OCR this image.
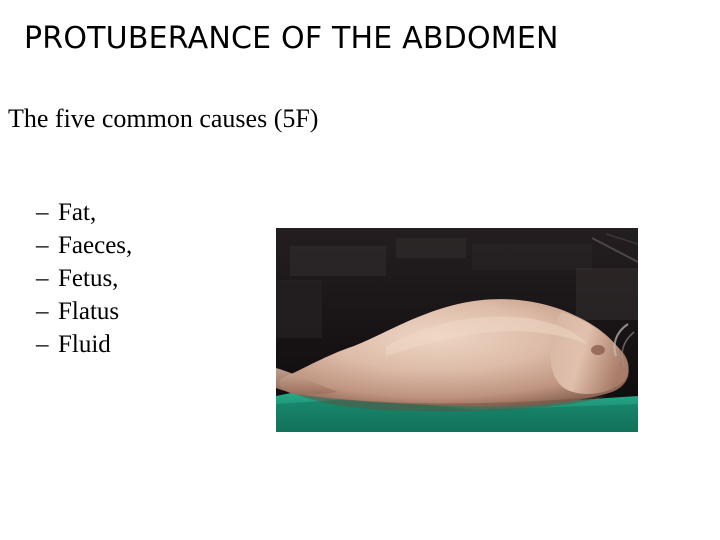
PROTUBERANCE OF THE ABDOMEN
The five common causes (5F)
– Fat,
– Faeces,
– Fetus,
– Flatus
– Fluid
